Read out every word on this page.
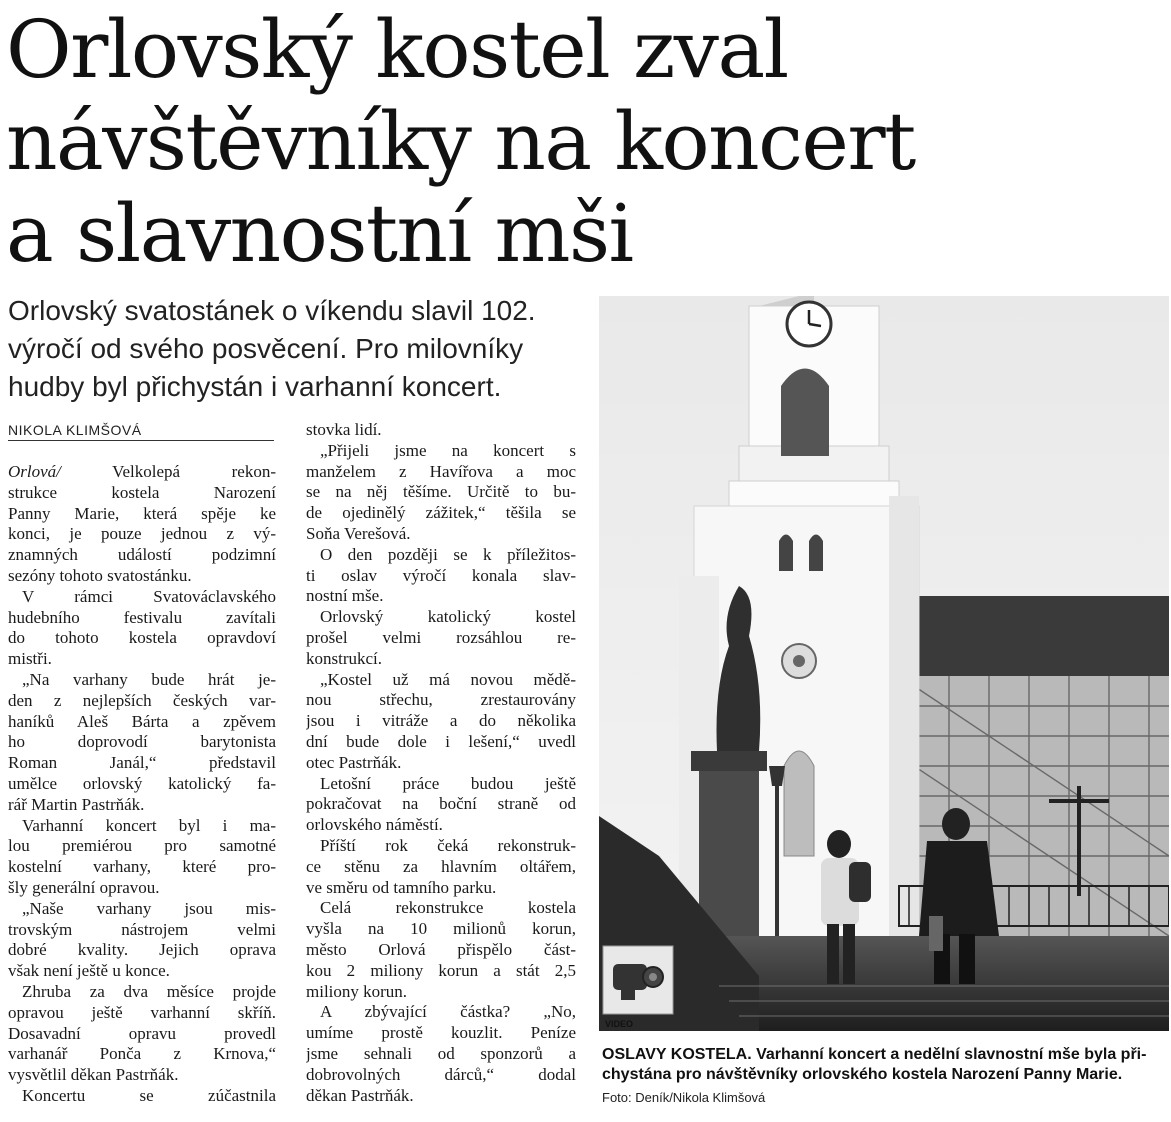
Orlovský kostel zval
návštěvníky na koncert
a slavnostní mši
Orlovský svatostánek o víkendu slavil 102.
výročí od svého posvěcení. Pro milovníky
hudby byl přichystán i varhanní koncert.
NIKOLA KLIMŠOVÁ
Orlová/ Velkolepá rekon-
strukce kostela Narození
Panny Marie, která spěje ke
konci, je pouze jednou z vý-
znamných událostí podzimní
sezóny tohoto svatostánku.
V rámci Svatováclavského
hudebního festivalu zavítali
do tohoto kostela opravdoví
mistři.
„Na varhany bude hrát je-
den z nejlepších českých var-
haníků Aleš Bárta a zpěvem
ho doprovodí barytonista
Roman Janál,“ představil
umělce orlovský katolický fa-
rář Martin Pastrňák.
Varhanní koncert byl i ma-
lou premiérou pro samotné
kostelní varhany, které pro-
šly generální opravou.
„Naše varhany jsou mis-
trovským nástrojem velmi
dobré kvality. Jejich oprava
však není ještě u konce.
Zhruba za dva měsíce projde
opravou ještě varhanní skříň.
Dosavadní opravu provedl
varhanář Ponča z Krnova,“
vysvětlil děkan Pastrňák.
Koncertu se zúčastnila
stovka lidí.
„Přijeli jsme na koncert s
manželem z Havířova a moc
se na něj těšíme. Určitě to bu-
de ojedinělý zážitek,“ těšila se
Soňa Verešová.
O den později se k příležitos-
ti oslav výročí konala slav-
nostní mše.
Orlovský katolický kostel
prošel velmi rozsáhlou re-
konstrukcí.
„Kostel už má novou mědě-
nou střechu, zrestaurovány
jsou i vitráže a do několika
dní bude dole i lešení,“ uvedl
otec Pastrňák.
Letošní práce budou ještě
pokračovat na boční straně od
orlovského náměstí.
Příští rok čeká rekonstruk-
ce stěnu za hlavním oltářem,
ve směru od tamního parku.
Celá rekonstrukce kostela
vyšla na 10 milionů korun,
město Orlová přispělo část-
kou 2 miliony korun a stát 2,5
miliony korun.
A zbývající částka? „No,
umíme prostě kouzlit. Peníze
jsme sehnali od sponzorů a
dobrovolných dárců,“ dodal
děkan Pastrňák.
VIDEO
OSLAVY KOSTELA. Varhanní koncert a nedělní slavnostní mše byla při-
chystána pro návštěvníky orlovského kostela Narození Panny Marie.
Foto: Deník/Nikola Klimšová
